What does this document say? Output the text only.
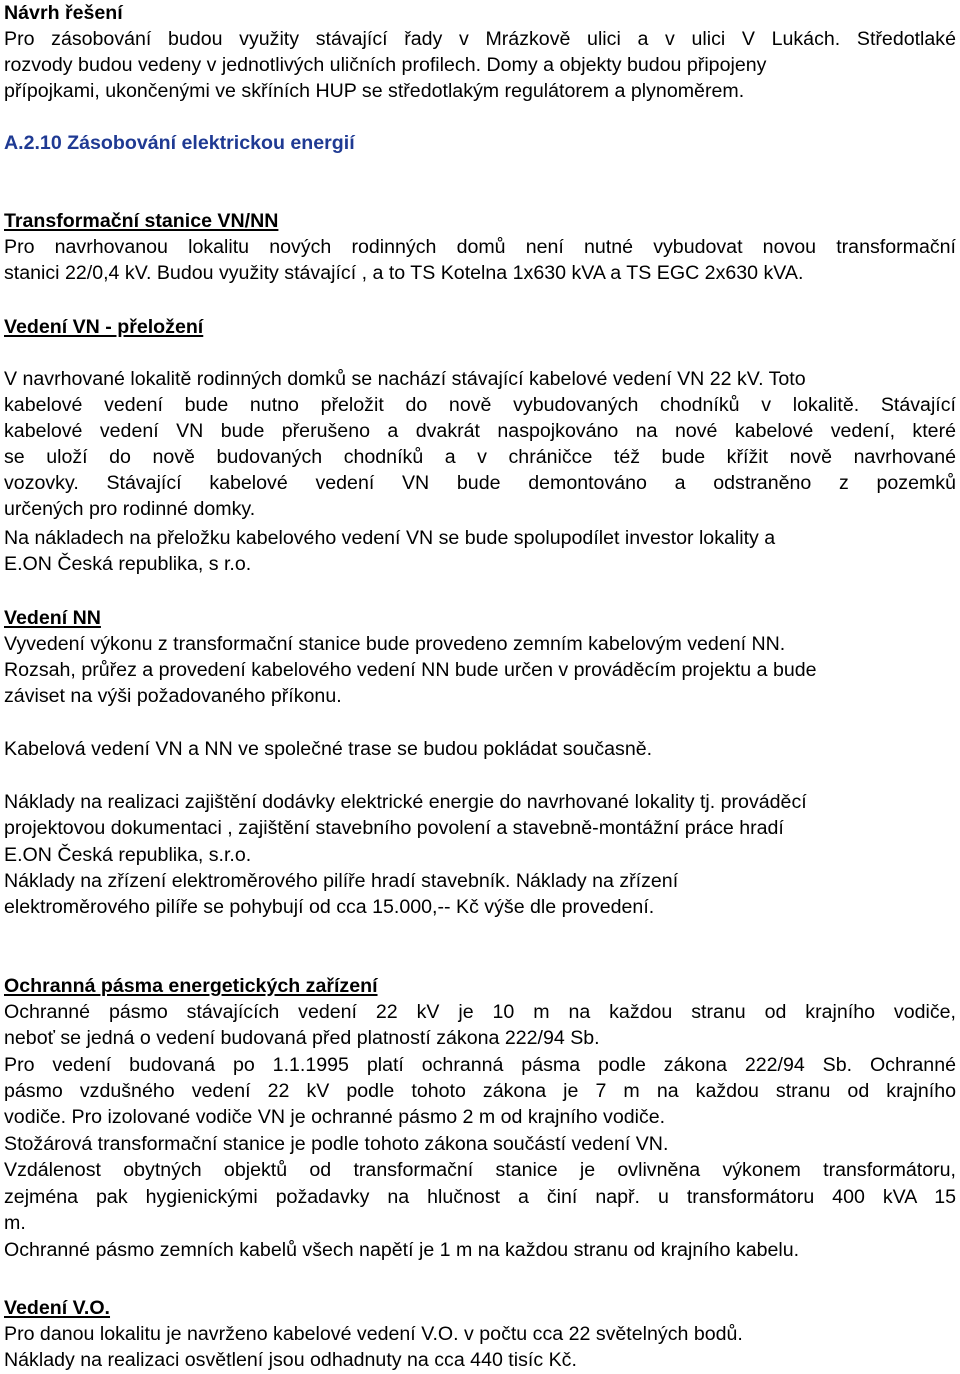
Návrh řešení
Pro zásobování budou využity stávající řady v Mrázkově ulici a v ulici V Lukách. Středotlaké
rozvody budou vedeny v jednotlivých uličních profilech. Domy a objekty budou připojeny
přípojkami, ukončenými ve skříních HUP se středotlakým regulátorem a plynoměrem.
A.2.10 Zásobování elektrickou energií
Transformační stanice VN/NN
Pro navrhovanou lokalitu nových rodinných domů není nutné vybudovat novou transformační
stanici 22/0,4 kV. Budou využity stávající , a to TS Kotelna 1x630 kVA a TS EGC 2x630 kVA.
Vedení VN - přeložení
V navrhované lokalitě rodinných domků se nachází stávající kabelové vedení VN 22 kV. Toto
kabelové vedení bude nutno přeložit do nově vybudovaných chodníků v lokalitě. Stávající
kabelové vedení VN bude přerušeno a dvakrát naspojkováno na nové kabelové vedení, které
se uloží do nově budovaných chodníků a v chráničce též bude křížit nově navrhované
vozovky. Stávající kabelové vedení VN bude demontováno a odstraněno z pozemků
určených pro rodinné domky.
Na nákladech na přeložku kabelového vedení VN se bude spolupodílet investor lokality a
E.ON Česká republika, s r.o.
Vedení NN
Vyvedení výkonu z transformační stanice bude provedeno zemním kabelovým vedení NN.
Rozsah, průřez a provedení kabelového vedení NN bude určen v prováděcím projektu a bude
záviset na výši požadovaného příkonu.
Kabelová vedení VN a NN ve společné trase se budou pokládat současně.
Náklady na realizaci zajištění dodávky elektrické energie do navrhované lokality tj. prováděcí
projektovou dokumentaci , zajištění stavebního povolení a stavebně-montážní práce hradí
E.ON Česká republika, s.r.o.
Náklady na zřízení elektroměrového pilíře hradí stavebník. Náklady na zřízení
elektroměrového pilíře se pohybují od cca 15.000,-- Kč výše dle provedení.
Ochranná pásma energetických zařízení
Ochranné pásmo stávajících vedení 22 kV je 10 m na každou stranu od krajního vodiče,
neboť se jedná o vedení budovaná před platností zákona 222/94 Sb.
Pro vedení budovaná po 1.1.1995 platí ochranná pásma podle zákona 222/94 Sb. Ochranné
pásmo vzdušného vedení 22 kV podle tohoto zákona je 7 m na každou stranu od krajního
vodiče. Pro izolované vodiče VN je ochranné pásmo 2 m od krajního vodiče.
Stožárová transformační stanice je podle tohoto zákona součástí vedení VN.
Vzdálenost obytných objektů od transformační stanice je ovlivněna výkonem transformátoru,
zejména pak hygienickými požadavky na hlučnost a činí např. u transformátoru 400 kVA 15
m.
Ochranné pásmo zemních kabelů všech napětí je 1 m na každou stranu od krajního kabelu.
Vedení V.O.
Pro danou lokalitu je navrženo kabelové vedení V.O. v počtu cca 22 světelných bodů.
Náklady na realizaci osvětlení jsou odhadnuty na cca 440 tisíc Kč.
